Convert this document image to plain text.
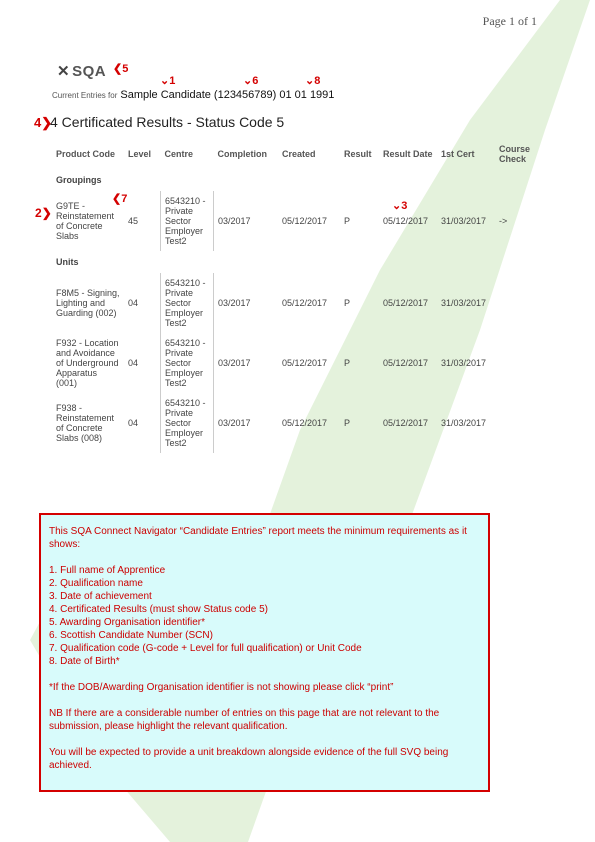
Page 1 of 1
✕ SQA
Current Entries for Sample Candidate (123456789) 01 01 1991
4 Certificated Results - Status Code 5
❮5
⌄1	⌄6	⌄8
4❯
2❯
❮7
⌄3
Product Code	Level	Centre	Completion	Created	Result	Result Date	1st Cert	Course Check
Groupings								
G9TE - Reinstatement of Concrete Slabs	45	6543210 - Private Sector Employer Test2	03/2017	05/12/2017	P	05/12/2017	31/03/2017	->
Units								
F8M5 - Signing, Lighting and Guarding (002)	04	6543210 - Private Sector Employer Test2	03/2017	05/12/2017	P	05/12/2017	31/03/2017	
F932 - Location and Avoidance of Underground Apparatus (001)	04	6543210 - Private Sector Employer Test2	03/2017	05/12/2017	P	05/12/2017	31/03/2017	
F938 - Reinstatement of Concrete Slabs (008)	04	6543210 - Private Sector Employer Test2	03/2017	05/12/2017	P	05/12/2017	31/03/2017	

This SQA Connect Navigator “Candidate Entries” report meets the minimum requirements as it shows:

1. Full name of Apprentice

2. Qualification name

3. Date of achievement

4. Certificated Results (must show Status code 5)

5. Awarding Organisation identifier*

6. Scottish Candidate Number (SCN)

7. Qualification code (G-code + Level for full qualification) or Unit Code

8. Date of Birth*

*If the DOB/Awarding Organisation identifier is not showing please click “print”

NB If there are a considerable number of entries on this page that are not relevant to the submission, please highlight the relevant qualification.

You will be expected to provide a unit breakdown alongside evidence of the full SVQ being achieved.
